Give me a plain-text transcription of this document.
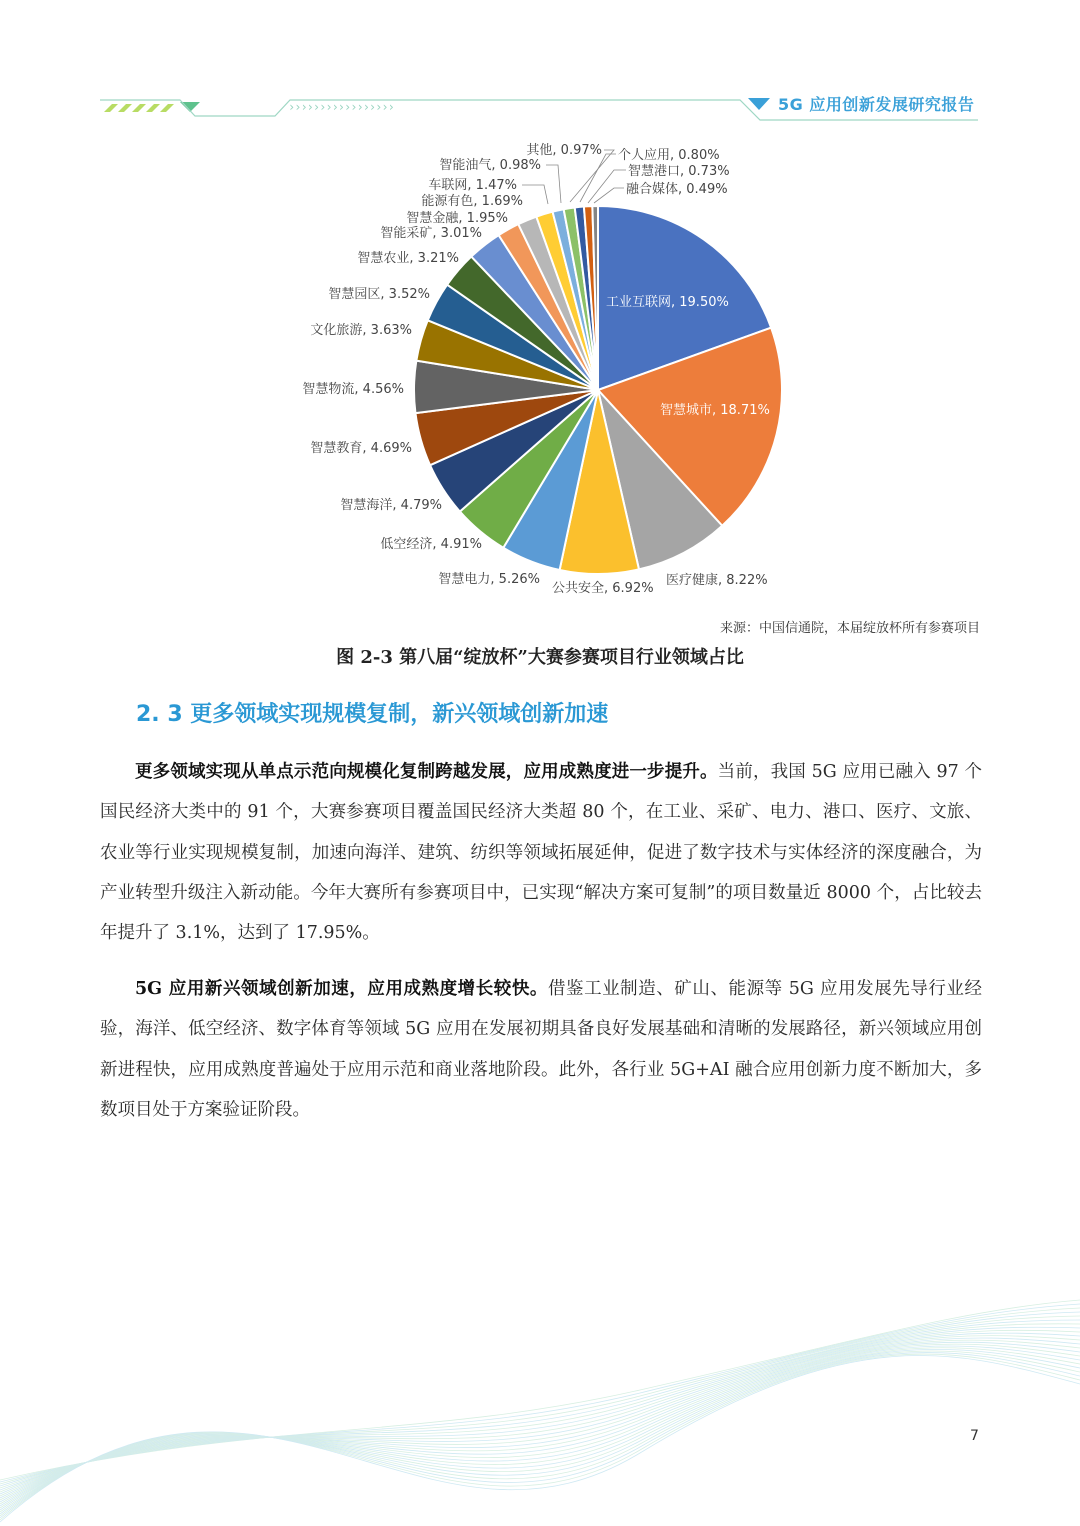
›››››››››››››››››	5G 应用创新发展研究报告
工业互联网, 19.50%
智慧城市, 18.71%
医疗健康, 8.22%
公共安全, 6.92%
智慧电力, 5.26%
低空经济, 4.91%
智慧海洋, 4.79%
智慧教育, 4.69%
智慧物流, 4.56%
文化旅游, 3.63%
智慧园区, 3.52%
智慧农业, 3.21%
智能采矿, 3.01%
智慧金融, 1.95%
能源有色, 1.69%
车联网, 1.47%
智能油气, 0.98%
其他, 0.97% 个人应用, 0.80%
智慧港口, 0.73%
融合媒体, 0.49%
来源：中国信通院，本届绽放杯所有参赛项目
图 2-3 第八届“绽放杯”大赛参赛项目行业领域占比
2. 3 更多领域实现规模复制，新兴领域创新加速

更多领域实现从单点示范向规模化复制跨越发展，应用成熟度进一步提升。当前，我国 5G 应用已融入 97 个国民经济大类中的 91 个，大赛参赛项目覆盖国民经济大类超 80 个，在工业、采矿、电力、港口、医疗、文旅、农业等行业实现规模复制，加速向海洋、建筑、纺织等领域拓展延伸，促进了数字技术与实体经济的深度融合，为产业转型升级注入新动能。今年大赛所有参赛项目中，已实现“解决方案可复制”的项目数量近 8000 个，占比较去年提升了 3.1%，达到了 17.95%。

5G 应用新兴领域创新加速，应用成熟度增长较快。借鉴工业制造、矿山、能源等 5G 应用发展先导行业经验，海洋、低空经济、数字体育等领域 5G 应用在发展初期具备良好发展基础和清晰的发展路径，新兴领域应用创新进程快，应用成熟度普遍处于应用示范和商业落地阶段。此外，各行业 5G+AI 融合应用创新力度不断加大，多数项目处于方案验证阶段。

7
